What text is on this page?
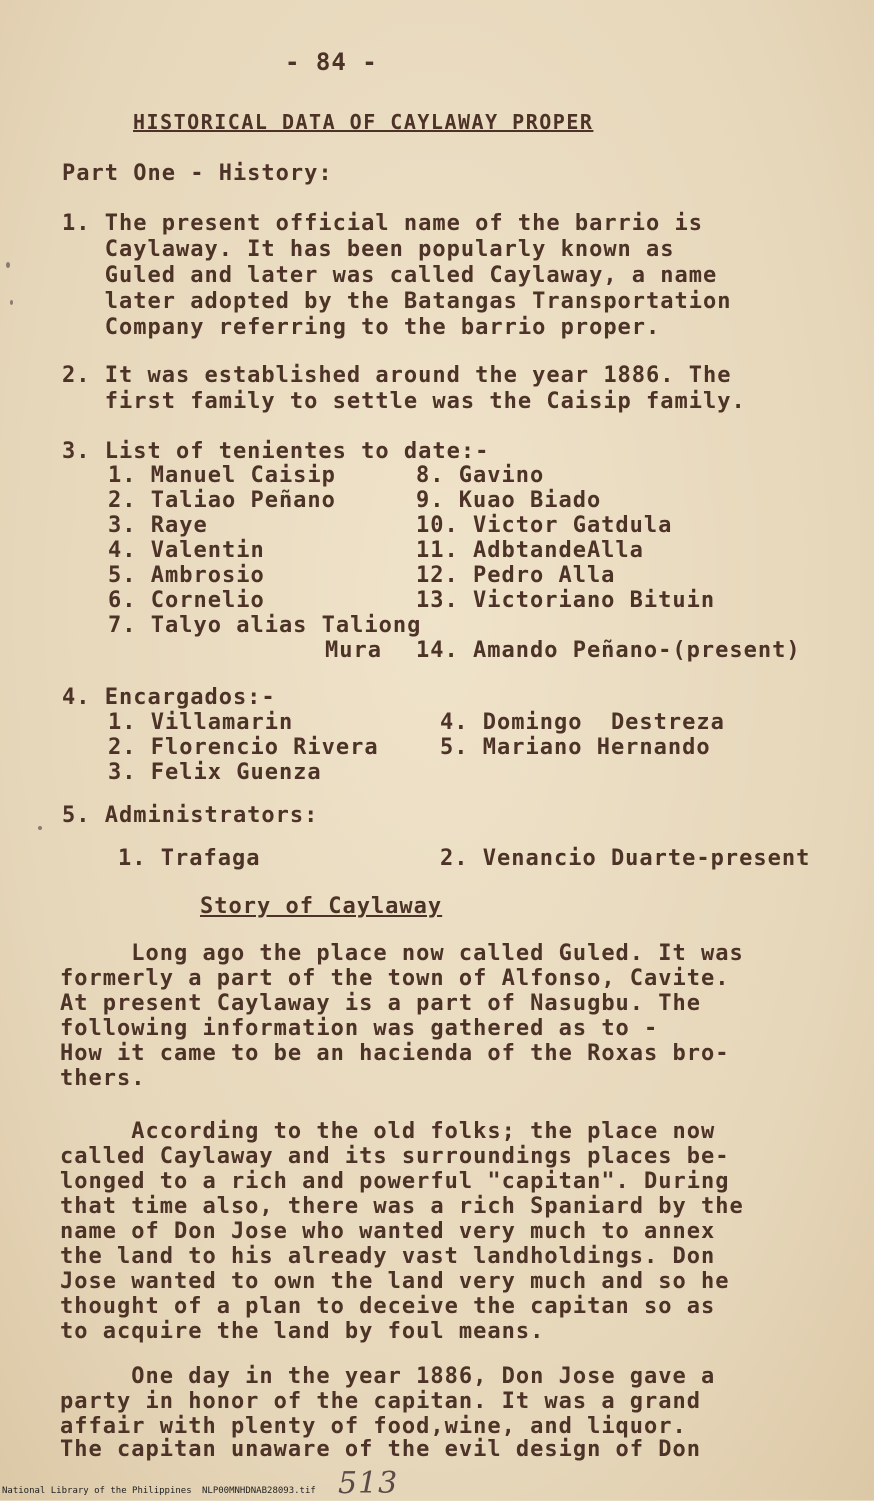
- 84 -
HISTORICAL DATA OF CAYLAWAY PROPER
Part One - History:
1. The present official name of the barrio is
Caylaway. It has been popularly known as
Guled and later was called Caylaway, a name
later adopted by the Batangas Transportation
Company referring to the barrio proper.
2. It was established around the year 1886. The
first family to settle was the Caisip family.
3. List of tenientes to date:-
1. Manuel Caisip
2. Taliao Peñano
3. Raye
4. Valentin
5. Ambrosio
6. Cornelio
7. Talyo alias Taliong
Mura
8. Gavino
9. Kuao Biado
10. Victor Gatdula
11. AdbtandeAlla
12. Pedro Alla
13. Victoriano Bituin
14. Amando Peñano-(present)
4. Encargados:-
1. Villamarin
2. Florencio Rivera
3. Felix Guenza
4. Domingo  Destreza
5. Mariano Hernando
5. Administrators:
1. Trafaga	2. Venancio Duarte-present
Story of Caylaway
Long ago the place now called Guled. It was
formerly a part of the town of Alfonso, Cavite.
At present Caylaway is a part of Nasugbu. The
following information was gathered as to -
How it came to be an hacienda of the Roxas bro-
thers.
According to the old folks; the place now
called Caylaway and its surroundings places be-
longed to a rich and powerful "capitan". During
that time also, there was a rich Spaniard by the
name of Don Jose who wanted very much to annex
the land to his already vast landholdings. Don
Jose wanted to own the land very much and so he
thought of a plan to deceive the capitan so as
to acquire the land by foul means.
One day in the year 1886, Don Jose gave a
party in honor of the capitan. It was a grand
affair with plenty of food,wine, and liquor.
The capitan unaware of the evil design of Don
513
National Library of the Philippines NLP00MNHDNAB28093.tif
